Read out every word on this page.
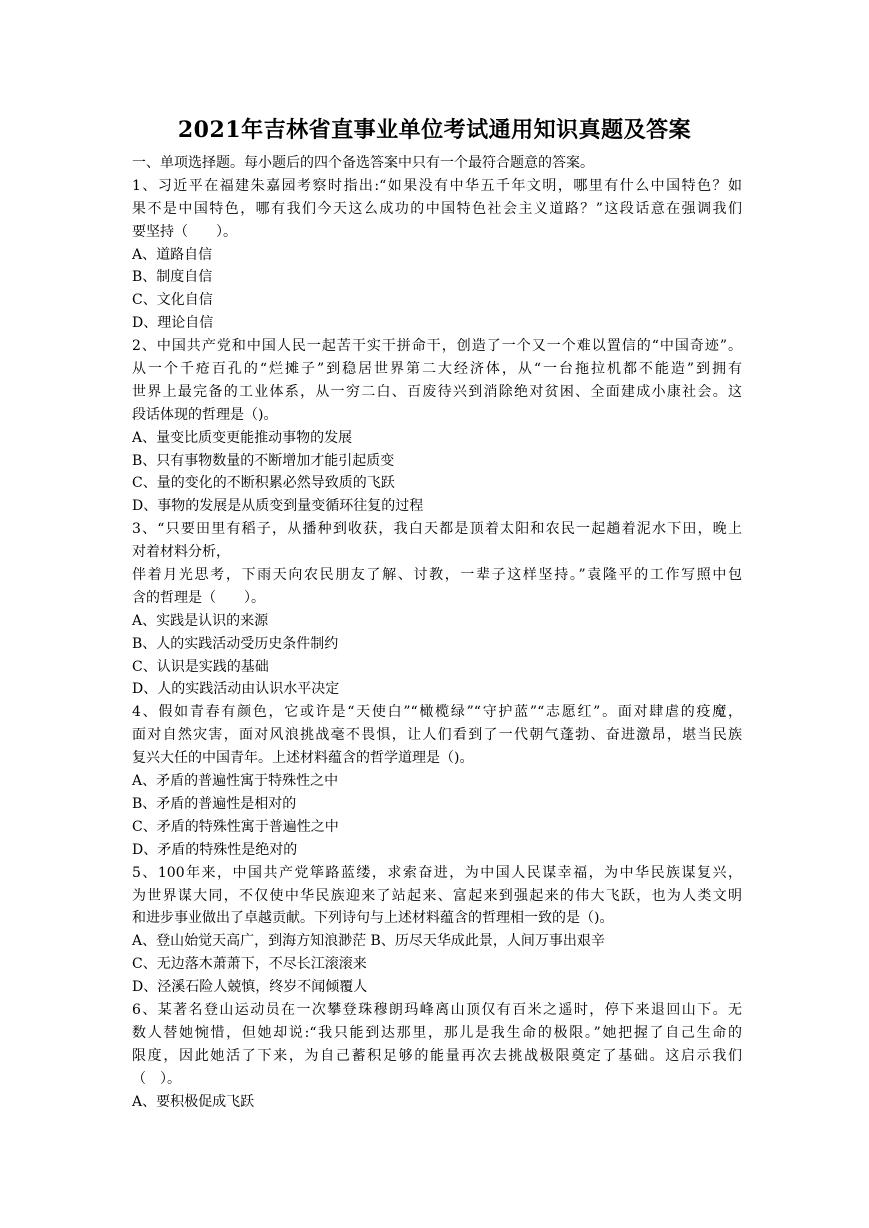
2021年吉林省直事业单位考试通用知识真题及答案
一、单项选择题。每小题后的四个备选答案中只有一个最符合题意的答案。
1、习近平在福建朱嘉园考察时指出:“如果没有中华五千年文明，哪里有什么中国特色？如
果不是中国特色，哪有我们今天这么成功的中国特色社会主义道路？”这段话意在强调我们
要坚持（　　）。
A、道路自信
B、制度自信
C、文化自信
D、理论自信
2、中国共产党和中国人民一起苦干实干拼命干，创造了一个又一个难以置信的“中国奇迹”。
从一个千疮百孔的“烂摊子”到稳居世界第二大经济体，从“一台拖拉机都不能造”到拥有
世界上最完备的工业体系，从一穷二白、百废待兴到消除绝对贫困、全面建成小康社会。这
段话体现的哲理是（)。
A、量变比质变更能推动事物的发展
B、只有事物数量的不断增加才能引起质变
C、量的变化的不断积累必然导致质的飞跃
D、事物的发展是从质变到量变循环往复的过程
3、“只要田里有稻子，从播种到收获，我白天都是顶着太阳和农民一起趟着泥水下田，晚上
对着材料分析，
伴着月光思考，下雨天向农民朋友了解、讨教，一辈子这样坚持。”袁隆平的工作写照中包
含的哲理是（　　）。
A、实践是认识的来源
B、人的实践活动受历史条件制约
C、认识是实践的基础
D、人的实践活动由认识水平决定
4、假如青春有颜色，它或许是“天使白”“橄榄绿”“守护蓝”“志愿红”。面对肆虐的疫魔，
面对自然灾害，面对风浪挑战毫不畏惧，让人们看到了一代朝气蓬勃、奋进激昂，堪当民族
复兴大任的中国青年。上述材料蕴含的哲学道理是（)。
A、矛盾的普遍性寓于特殊性之中
B、矛盾的普遍性是相对的
C、矛盾的特殊性寓于普遍性之中
D、矛盾的特殊性是绝对的
5、100年来，中国共产党筚路蓝缕，求索奋进，为中国人民谋幸福，为中华民族谋复兴，
为世界谋大同，不仅使中华民族迎来了站起来、富起来到强起来的伟大飞跃，也为人类文明
和进步事业做出了卓越贡献。下列诗句与上述材料蕴含的哲理相一致的是（)。
A、登山始觉天高广，到海方知浪渺茫 B、历尽天华成此景，人间万事出艰辛
C、无边落木萧萧下，不尽长江滚滚来
D、泾溪石险人兢慎，终岁不闻倾覆人
6、某著名登山运动员在一次攀登珠穆朗玛峰离山顶仅有百米之遥时，停下来退回山下。无
数人替她惋惜，但她却说:“我只能到达那里，那儿是我生命的极限。”她把握了自己生命的
限度，因此她活了下来，为自己蓄积足够的能量再次去挑战极限奠定了基础。这启示我们
（　）。
A、要积极促成飞跃
